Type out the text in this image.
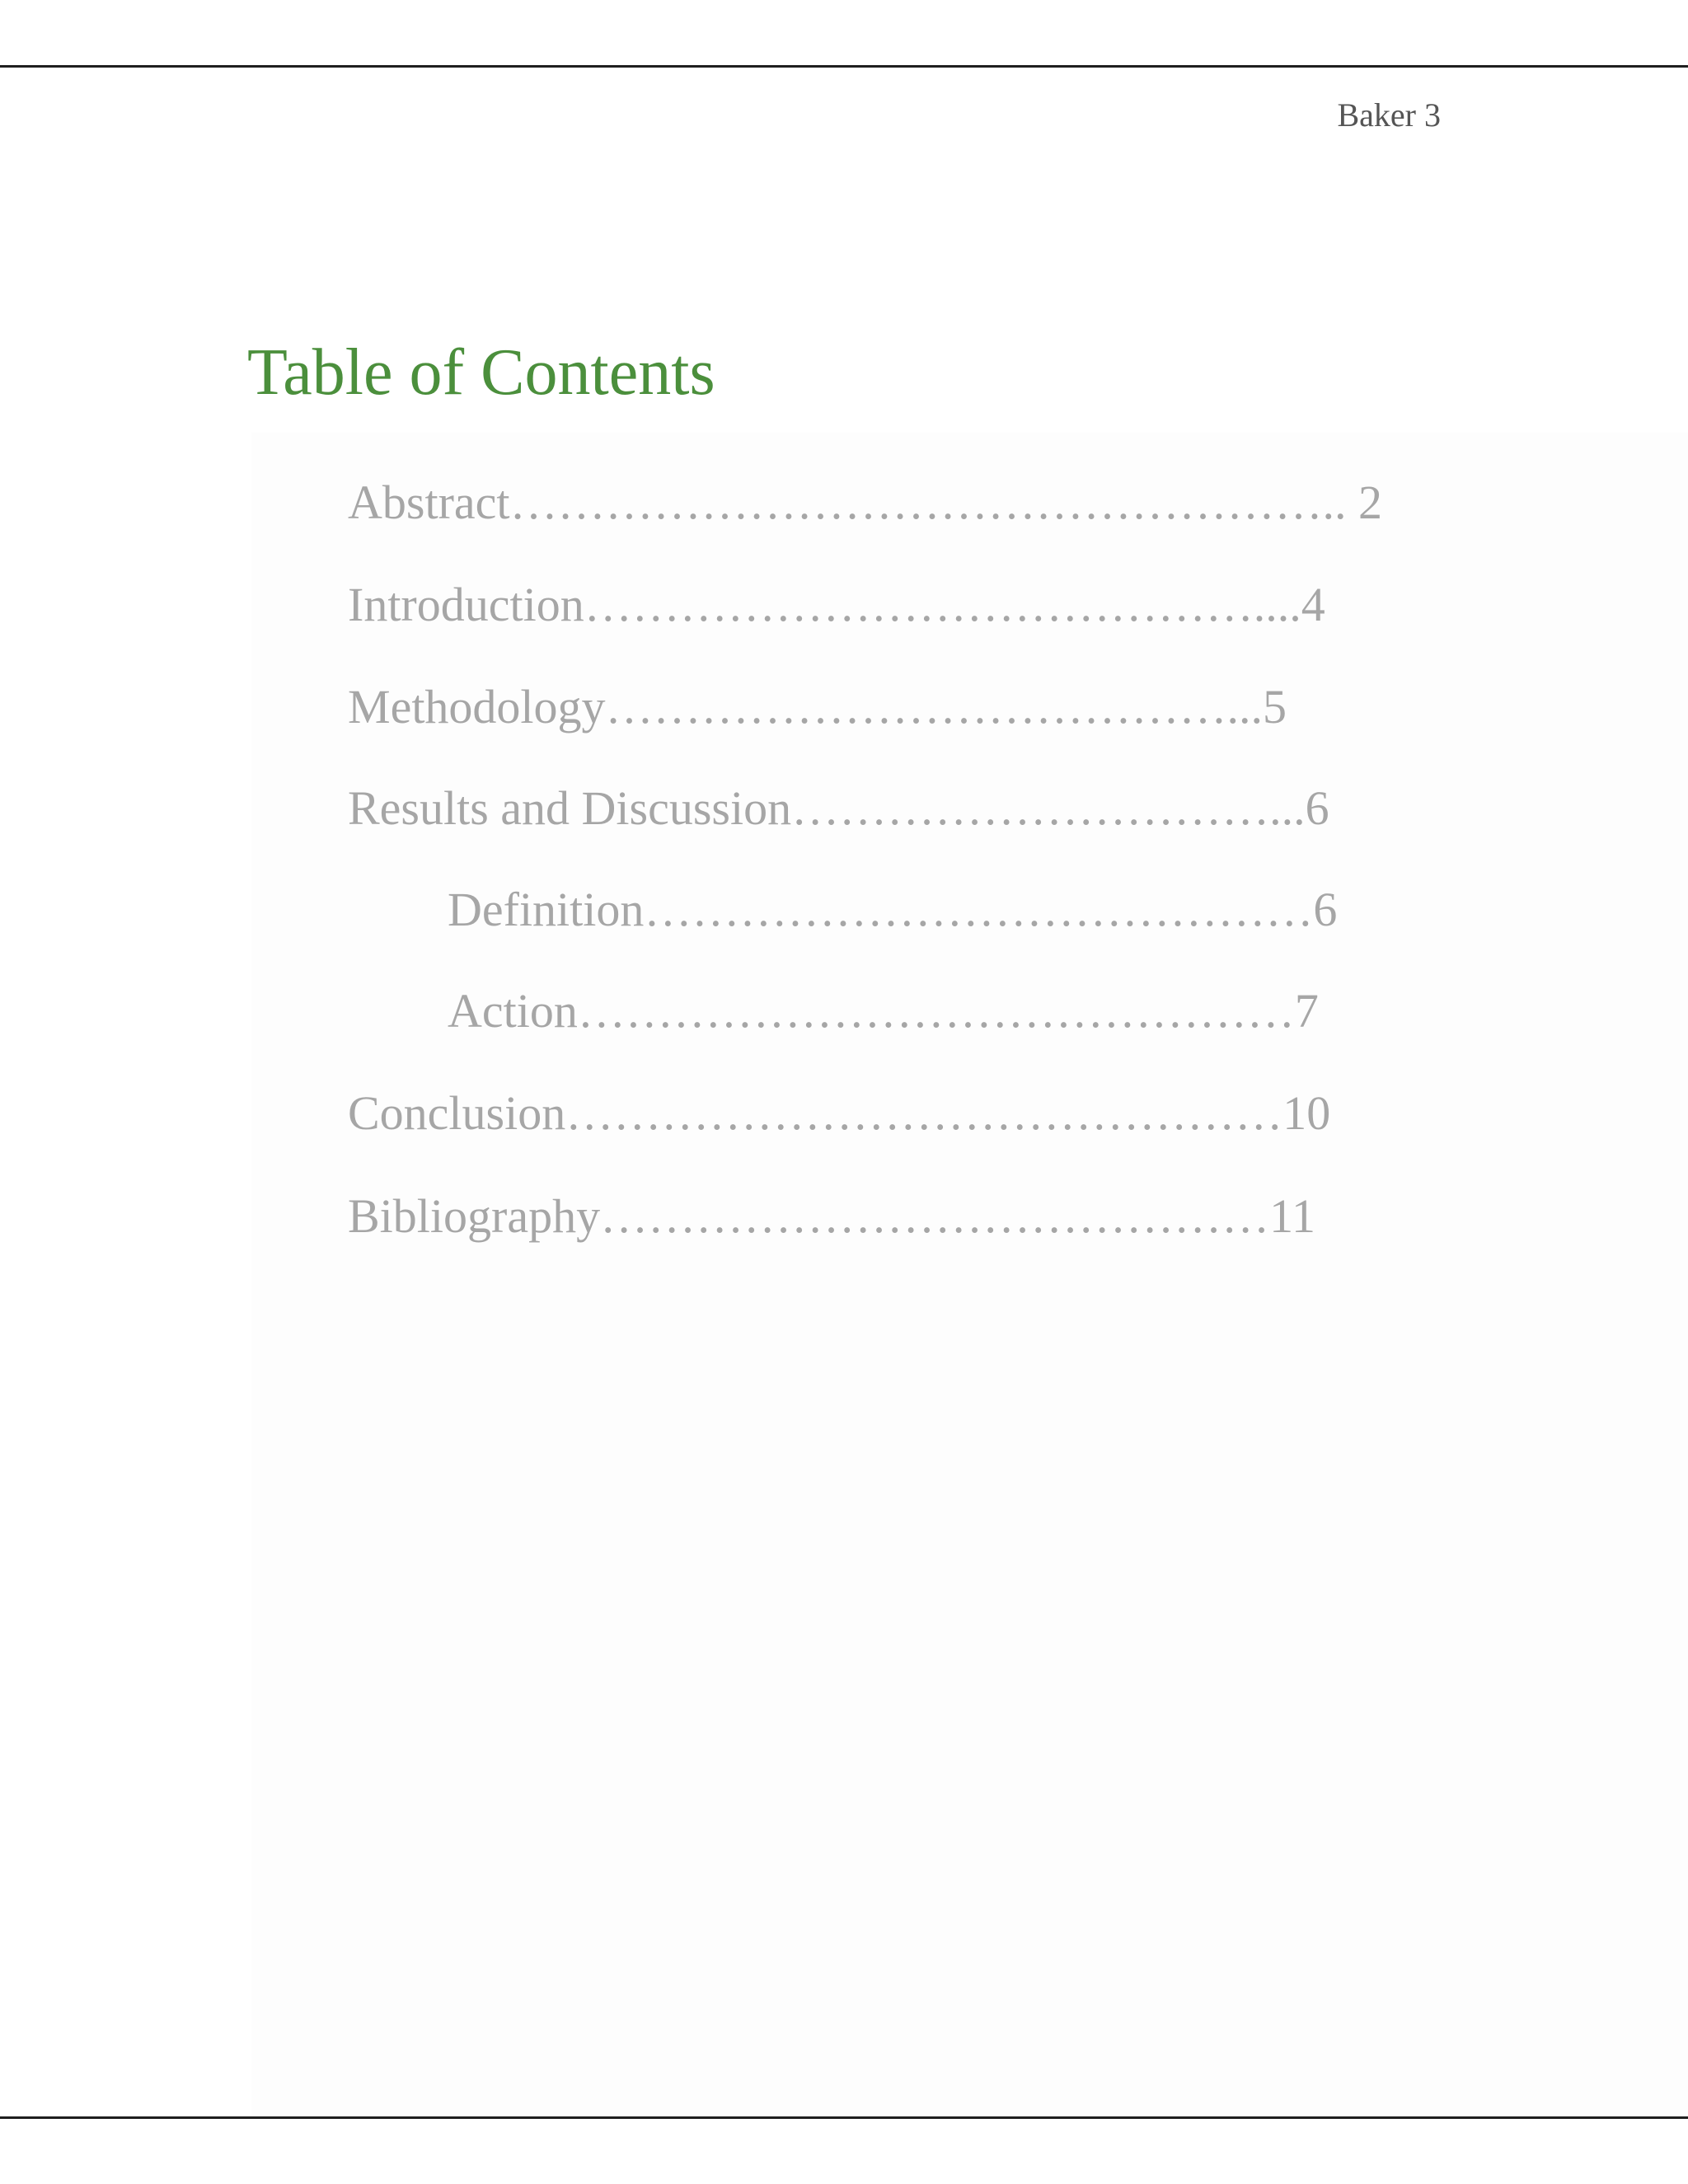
Baker 3
Table of Contents
Abstract…………………………………………….. 2
Introduction……………………………………....4
Methodology…………………………………...5
Results and Discussion…………………………...6
Definition……………………………………6
Action………………………………………7
Conclusion………………………………………10
Bibliography……………………………………11
